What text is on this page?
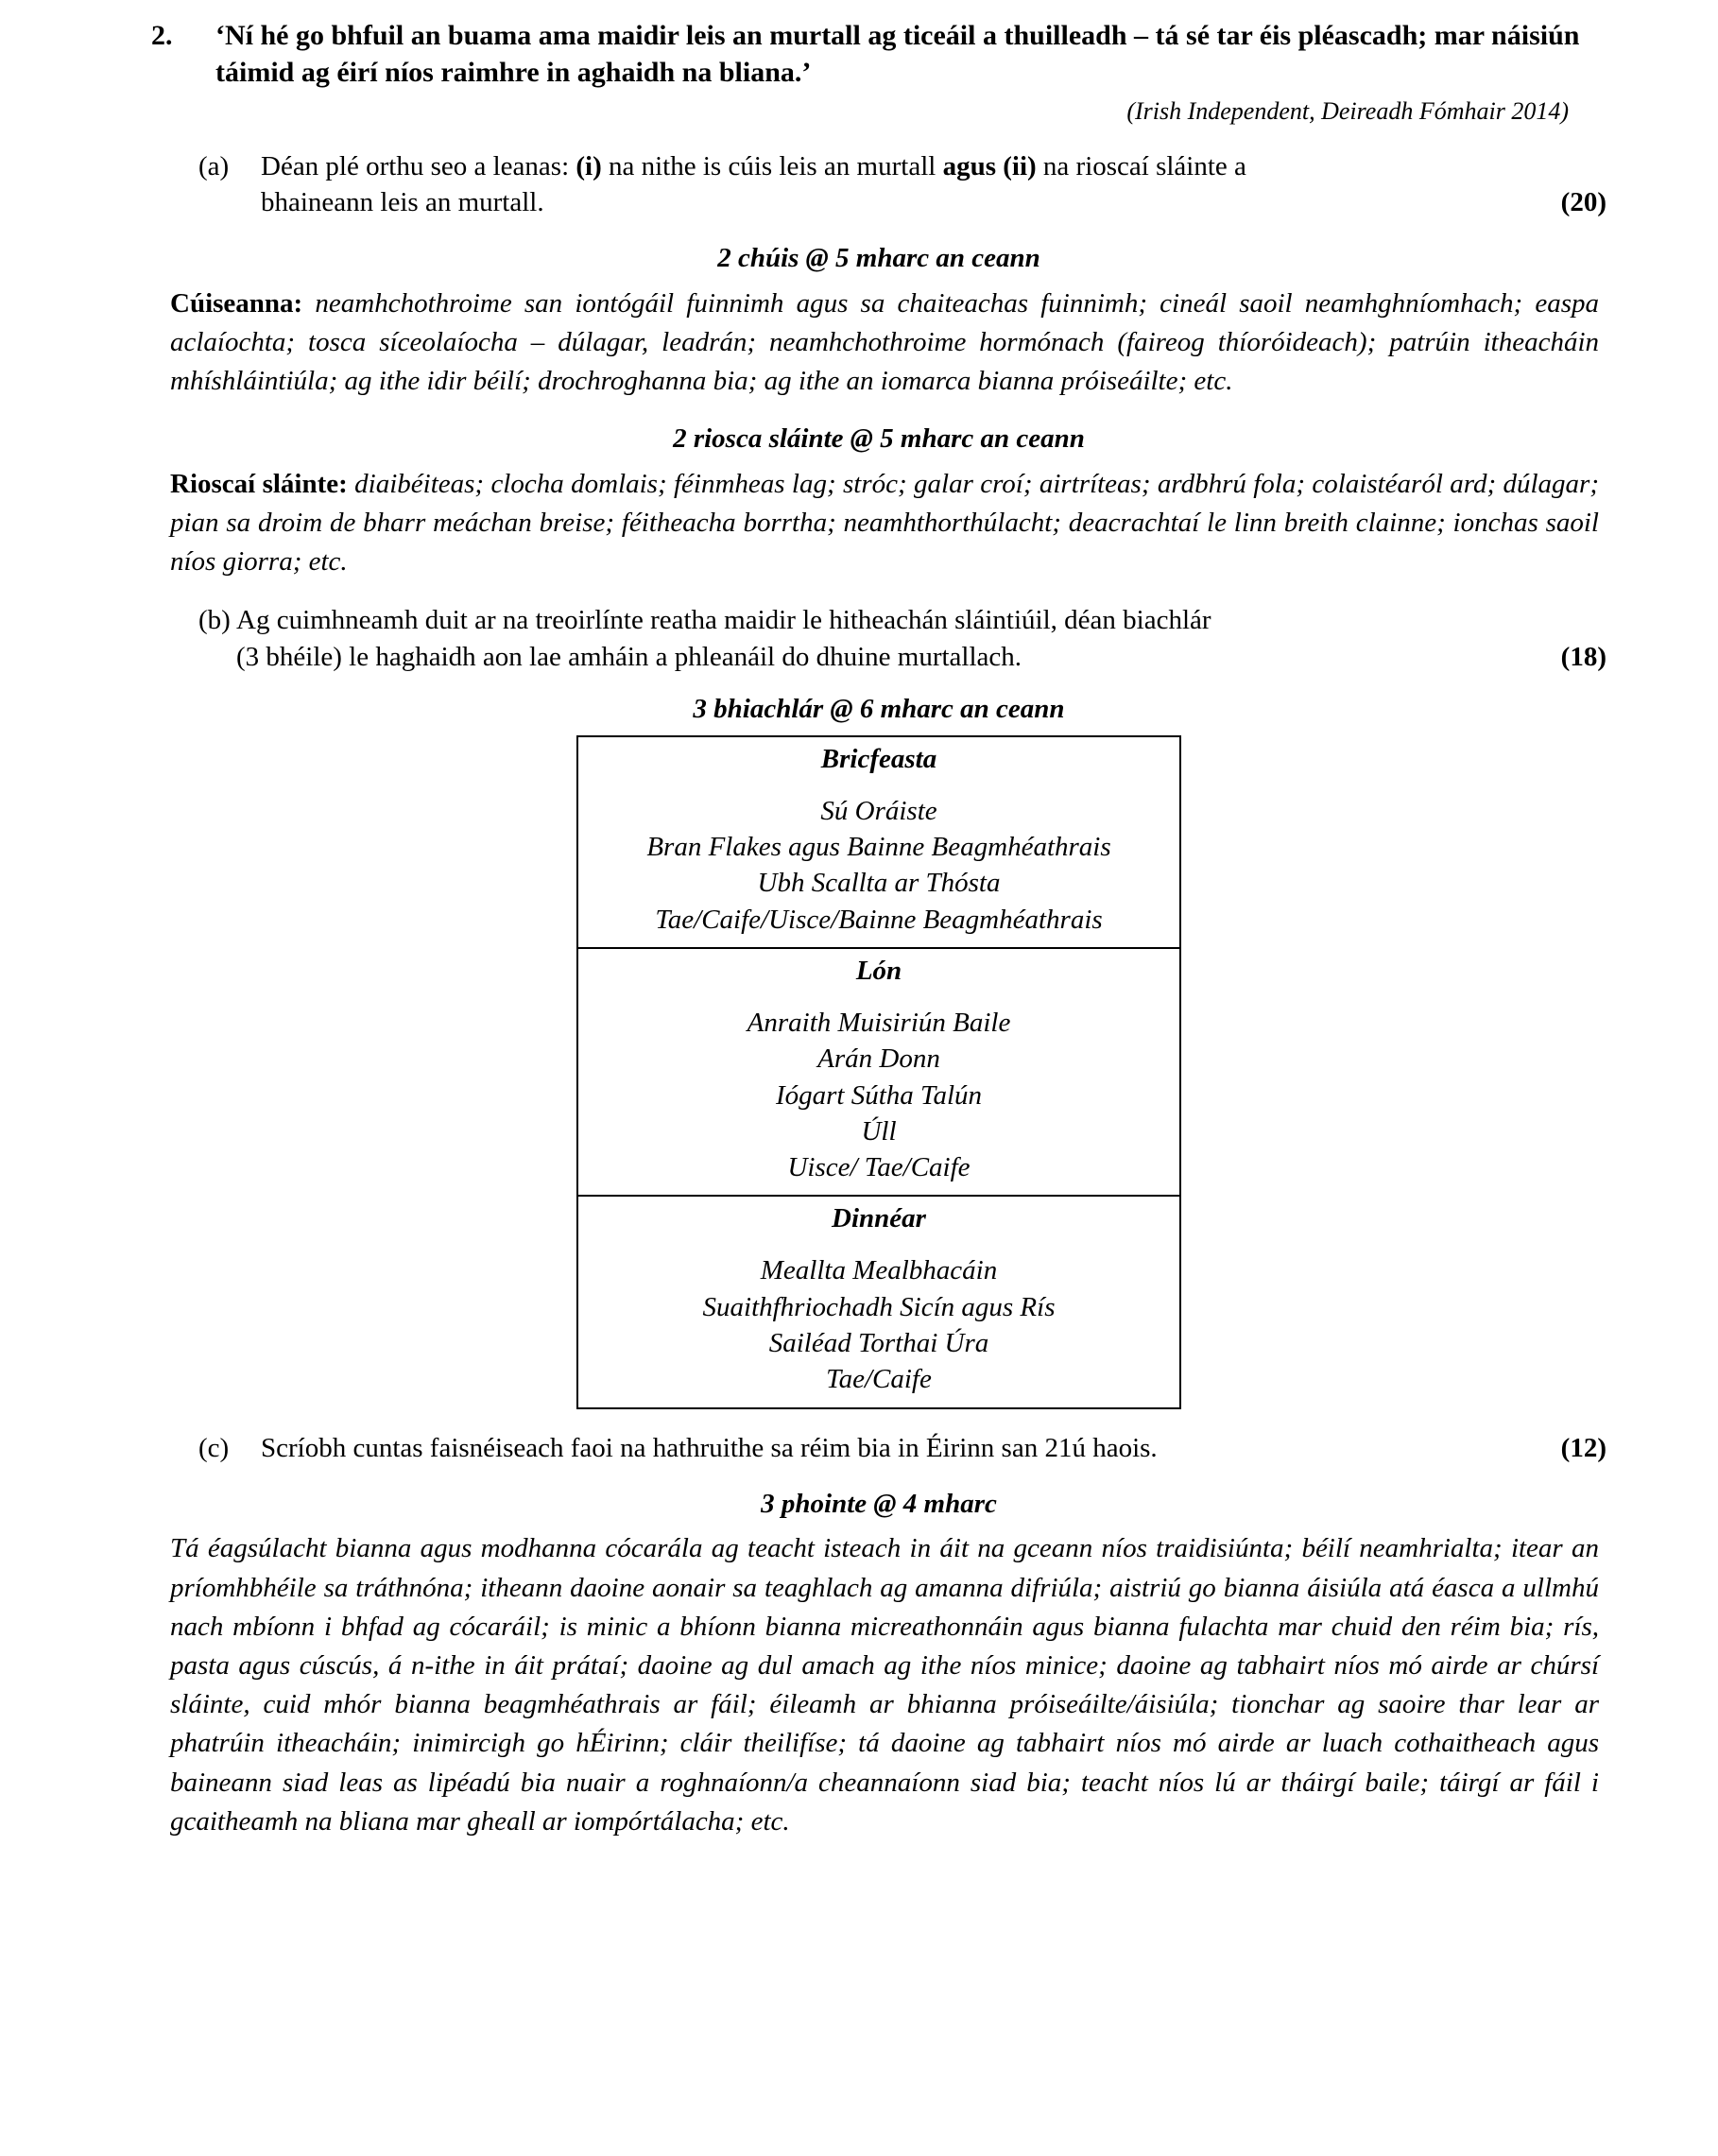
2.	‘Ní hé go bhfuil an buama ama maidir leis an murtall ag ticeáil a thuilleadh – tá sé tar éis pléascadh; mar náisiún táimid ag éirí níos raimhre in aghaidh na bliana.’
(Irish Independent, Deireadh Fómhair 2014)
(a)	Déan plé orthu seo a leanas: (i) na nithe is cúis leis an murtall agus (ii) na rioscaí sláinte a
(20)
bhaineann leis an murtall.
2 chúis @ 5 mharc an ceann

Cúiseanna: neamhchothroime san iontógáil fuinnimh agus sa chaiteachas fuinnimh; cineál saoil neamhghníomhach; easpa aclaíochta; tosca síceolaíocha – dúlagar, leadrán; neamhchothroime hormónach (faireog thíoróideach); patrúin itheacháin mhíshláintiúla; ag ithe idir béilí; drochroghanna bia; ag ithe an iomarca bianna próiseáilte; etc.

2 riosca sláinte @ 5 mharc an ceann

Rioscaí sláinte: diaibéiteas; clocha domlais; féinmheas lag; stróc; galar croí; airtríteas; ardbhrú fola; colaistéaról ard; dúlagar; pian sa droim de bharr meáchan breise; féitheacha borrtha; neamhthorthúlacht; deacrachtaí le linn breith clainne; ionchas saoil níos giorra; etc.

(b) Ag cuimhneamh duit ar na treoirlínte reatha maidir le hitheachán sláintiúil, déan biachlár
(18)
(3 bhéile) le haghaidh aon lae amháin a phleanáil do dhuine murtallach.
3 bhiachlár @ 6 mharc an ceann
Bricfeasta
Sú Oráiste
Bran Flakes agus Bainne Beagmhéathrais
Ubh Scallta ar Thósta
Tae/Caife/Uisce/Bainne Beagmhéathrais
Lón
Anraith Muisiriún Baile
Arán Donn
Iógart Sútha Talún
Úll
Uisce/ Tae/Caife
Dinnéar
Meallta Mealbhacáin
Suaithfhriochadh Sicín agus Rís
Sailéad Torthai Úra
Tae/Caife
(c)	(12)
Scríobh cuntas faisnéiseach faoi na hathruithe sa réim bia in Éirinn san 21ú haois.
3 phointe @ 4 mharc

Tá éagsúlacht bianna agus modhanna cócarála ag teacht isteach in áit na gceann níos traidisiúnta; béilí neamhrialta; itear an príomhbhéile sa tráthnóna; itheann daoine aonair sa teaghlach ag amanna difriúla; aistriú go bianna áisiúla atá éasca a ullmhú nach mbíonn i bhfad ag cócaráil; is minic a bhíonn bianna micreathonnáin agus bianna fulachta mar chuid den réim bia; rís, pasta agus cúscús, á n-ithe in áit prátaí; daoine ag dul amach ag ithe níos minice; daoine ag tabhairt níos mó airde ar chúrsí sláinte, cuid mhór bianna beagmhéathrais ar fáil; éileamh ar bhianna próiseáilte/áisiúla; tionchar ag saoire thar lear ar phatrúin itheacháin; inimircigh go hÉirinn; cláir theilifíse; tá daoine ag tabhairt níos mó airde ar luach cothaitheach agus baineann siad leas as lipéadú bia nuair a roghnaíonn/a cheannaíonn siad bia; teacht níos lú ar tháirgí baile; táirgí ar fáil i gcaitheamh na bliana mar gheall ar iompórtálacha; etc.
